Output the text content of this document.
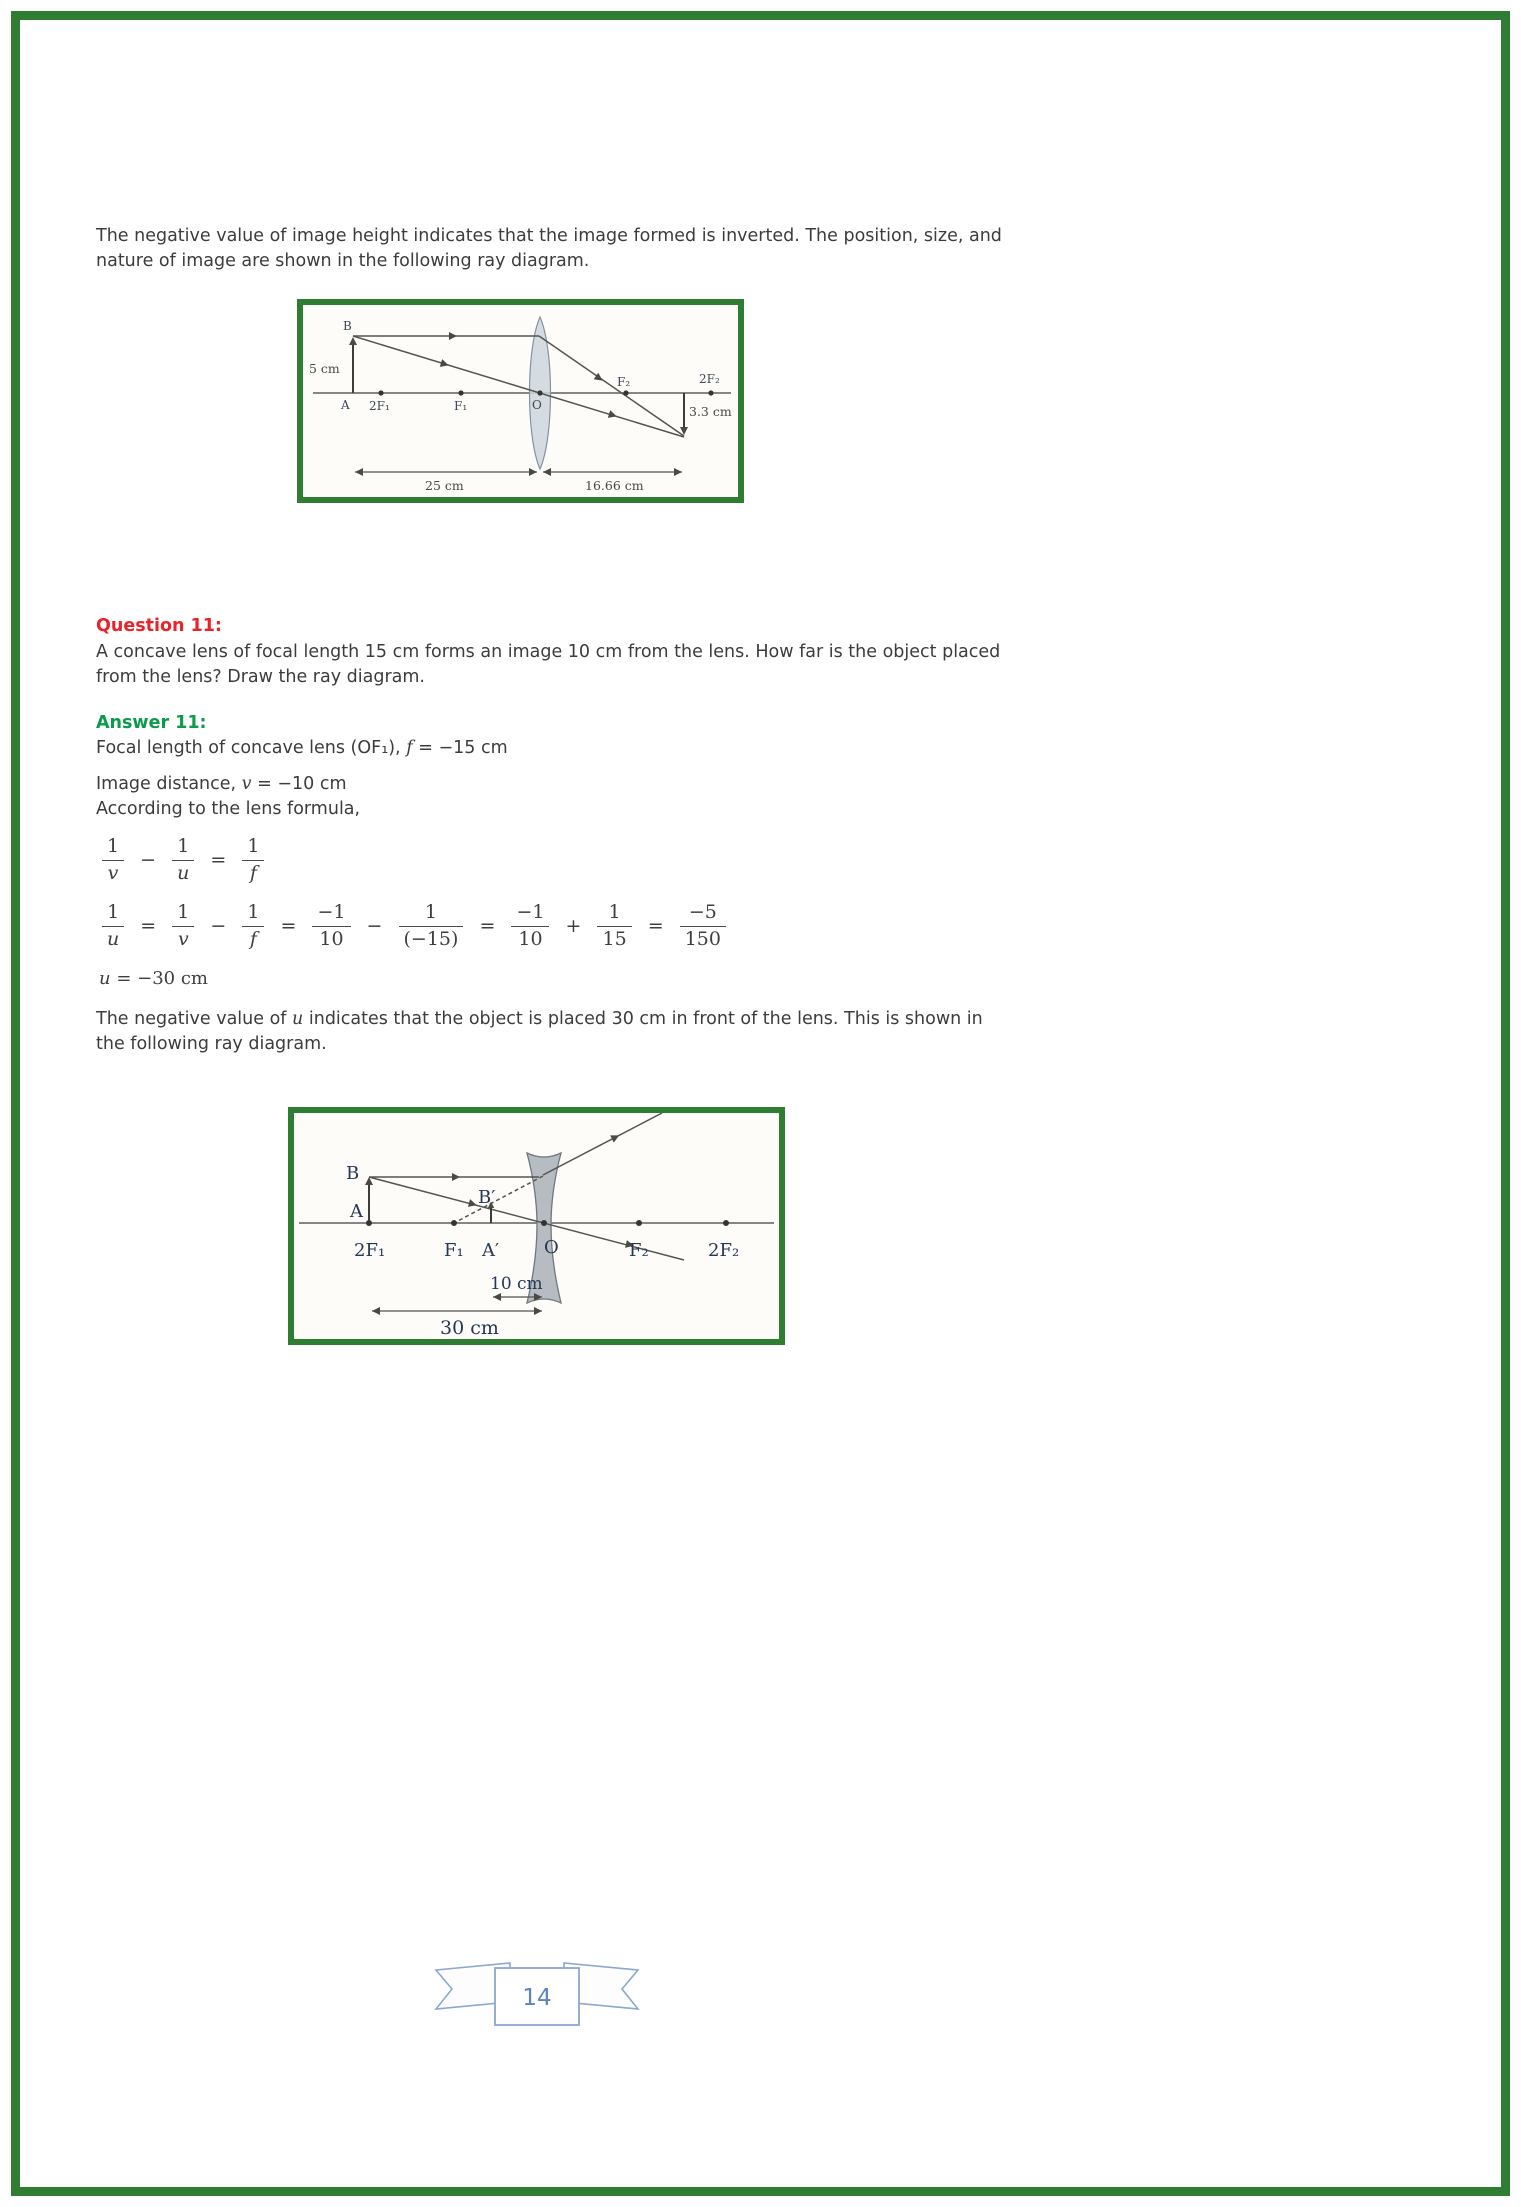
The negative value of image height indicates that the image formed is inverted. The position, size, and nature of image are shown in the following ray diagram.

B
5 cm
A 2F₁	F₁	O
F₂	2F₂
3.3 cm
25 cm	16.66 cm
Question 11:

A concave lens of focal length 15 cm forms an image 10 cm from the lens. How far is the object placed from the lens? Draw the ray diagram.

Answer 11:

Focal length of concave lens (OF₁), f = −15 cm

Image distance, v = −10 cm

According to the lens formula,

$\frac{1}{v} - \frac{1}{u} = \frac{1}{f}$
$\frac{1}{u} = \frac{1}{v} - \frac{1}{f} = \frac{-1}{10} - \frac{1}{(-15)} = \frac{-1}{10} + \frac{1}{15} = \frac{-5}{150}$
u = −30 cm

The negative value of u indicates that the object is placed 30 cm in front of the lens. This is shown in the following ray diagram.

B
A
2F₁	F₁ A′ O	F₂	2F₂
B′
10 cm
30 cm
14
